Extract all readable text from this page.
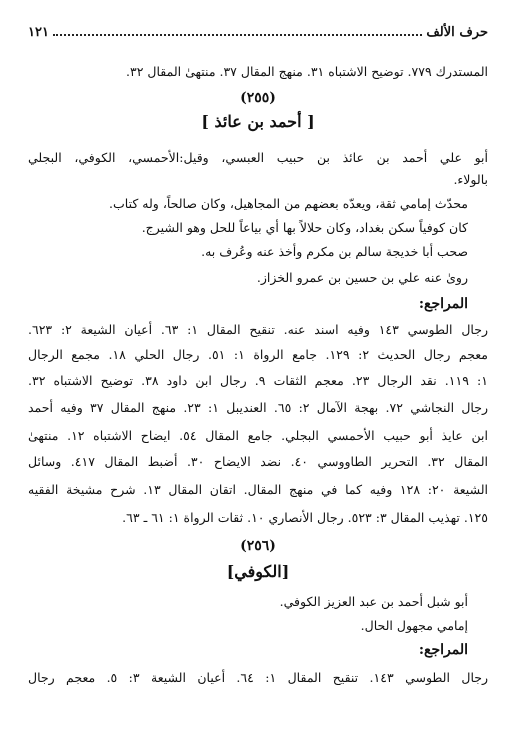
حرف الألف
١٢١
المستدرك ٧٧٩. توضيح الاشتباه ٣١. منهج المقال ٣٧. منتهىٰ المقال ٣٢.
(٢٥٥)
[ أحمد بن عائذ ]
أبو علي أحمد بن عائذ بن حبيب العبسي، وقيل:الأحمسي، الكوفي، البجلي
بالولاء.
محدّث إمامي ثقة، ويعدّه بعضهم من المجاهيل، وكان صالحاً، وله كتاب.
كان كوفياً سكن بغداد، وكان حلالاً بها أي بياعاً للحل وهو الشيرج.
صحب أبا خديجة سالم بن مكرم وأخذ عنه وعُرف به.
روىٰ عنه علي بن حسين بن عمرو الخزاز.
المراجع:
رجال الطوسي ١٤٣ وفيه اسند عنه. تنقيح المقال ١: ٦٣. أعيان الشيعة ٢: ٦٢٣.
معجم رجال الحديث ٢: ١٢٩. جامع الرواة ١: ٥١. رجال الحلي ١٨. مجمع الرجال
١: ١١٩. نقد الرجال ٢٣. معجم الثقات ٩. رجال ابن داود ٣٨. توضيح الاشتباه ٣٢.
رجال النجاشي ٧٢. بهجة الآمال ٢: ٦٥. العنديبل ١: ٢٣. منهج المقال ٣٧ وفيه أحمد
ابن عايذ أبو حبيب الأحمسي البجلي. جامع المقال ٥٤. ايضاح الاشتباه ١٢. منتهىٰ
المقال ٣٢. التحرير الطاووسي ٤٠. نضد الايضاح ٣٠. أضبط المقال ٤١٧. وسائل
الشيعة ٢٠: ١٢٨ وفيه كما في منهج المقال. اتقان المقال ١٣. شرح مشيخة الفقيه
١٢٥. تهذيب المقال ٣: ٥٢٣. رجال الأنصاري ١٠. ثقات الرواة ١: ٦١ ـ ٦٣.
(٢٥٦)
[الكوفي]
أبو شبل أحمد بن عبد العزيز الكوفي.
إمامي مجهول الحال.
المراجع:
رجال الطوسي ١٤٣. تنقيح المقال ١: ٦٤. أعيان الشيعة ٣: ٥. معجم رجال
